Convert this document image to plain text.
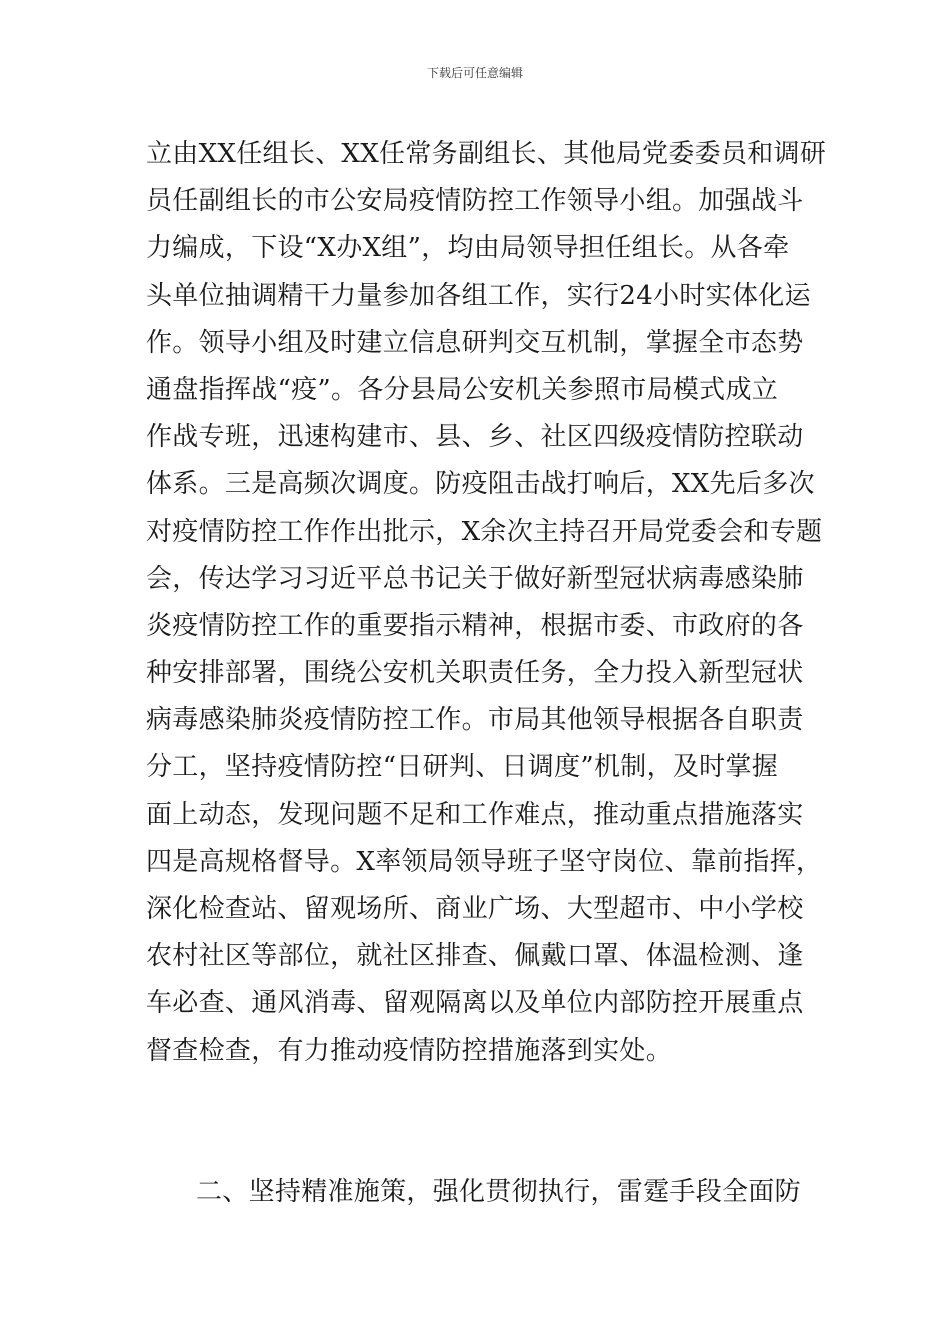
下载后可任意编辑
立由XX任组长、XX任常务副组长、其他局党委委员和调研
员任副组长的市公安局疫情防控工作领导小组。加强战斗
力编成，下设“X办X组”，均由局领导担任组长。从各牵
头单位抽调精干力量参加各组工作，实行24小时实体化运
作。领导小组及时建立信息研判交互机制，掌握全市态势
通盘指挥战“疫”。各分县局公安机关参照市局模式成立
作战专班，迅速构建市、县、乡、社区四级疫情防控联动
体系。三是高频次调度。防疫阻击战打响后，XX先后多次
对疫情防控工作作出批示，X余次主持召开局党委会和专题
会，传达学习习近平总书记关于做好新型冠状病毒感染肺
炎疫情防控工作的重要指示精神，根据市委、市政府的各
种安排部署，围绕公安机关职责任务，全力投入新型冠状
病毒感染肺炎疫情防控工作。市局其他领导根据各自职责
分工，坚持疫情防控“日研判、日调度”机制，及时掌握
面上动态，发现问题不足和工作难点，推动重点措施落实
四是高规格督导。X率领局领导班子坚守岗位、靠前指挥，
深化检查站、留观场所、商业广场、大型超市、中小学校
农村社区等部位，就社区排查、佩戴口罩、体温检测、逢
车必查、通风消毒、留观隔离以及单位内部防控开展重点
督查检查，有力推动疫情防控措施落到实处。
二、坚持精准施策，强化贯彻执行，雷霆手段全面防
